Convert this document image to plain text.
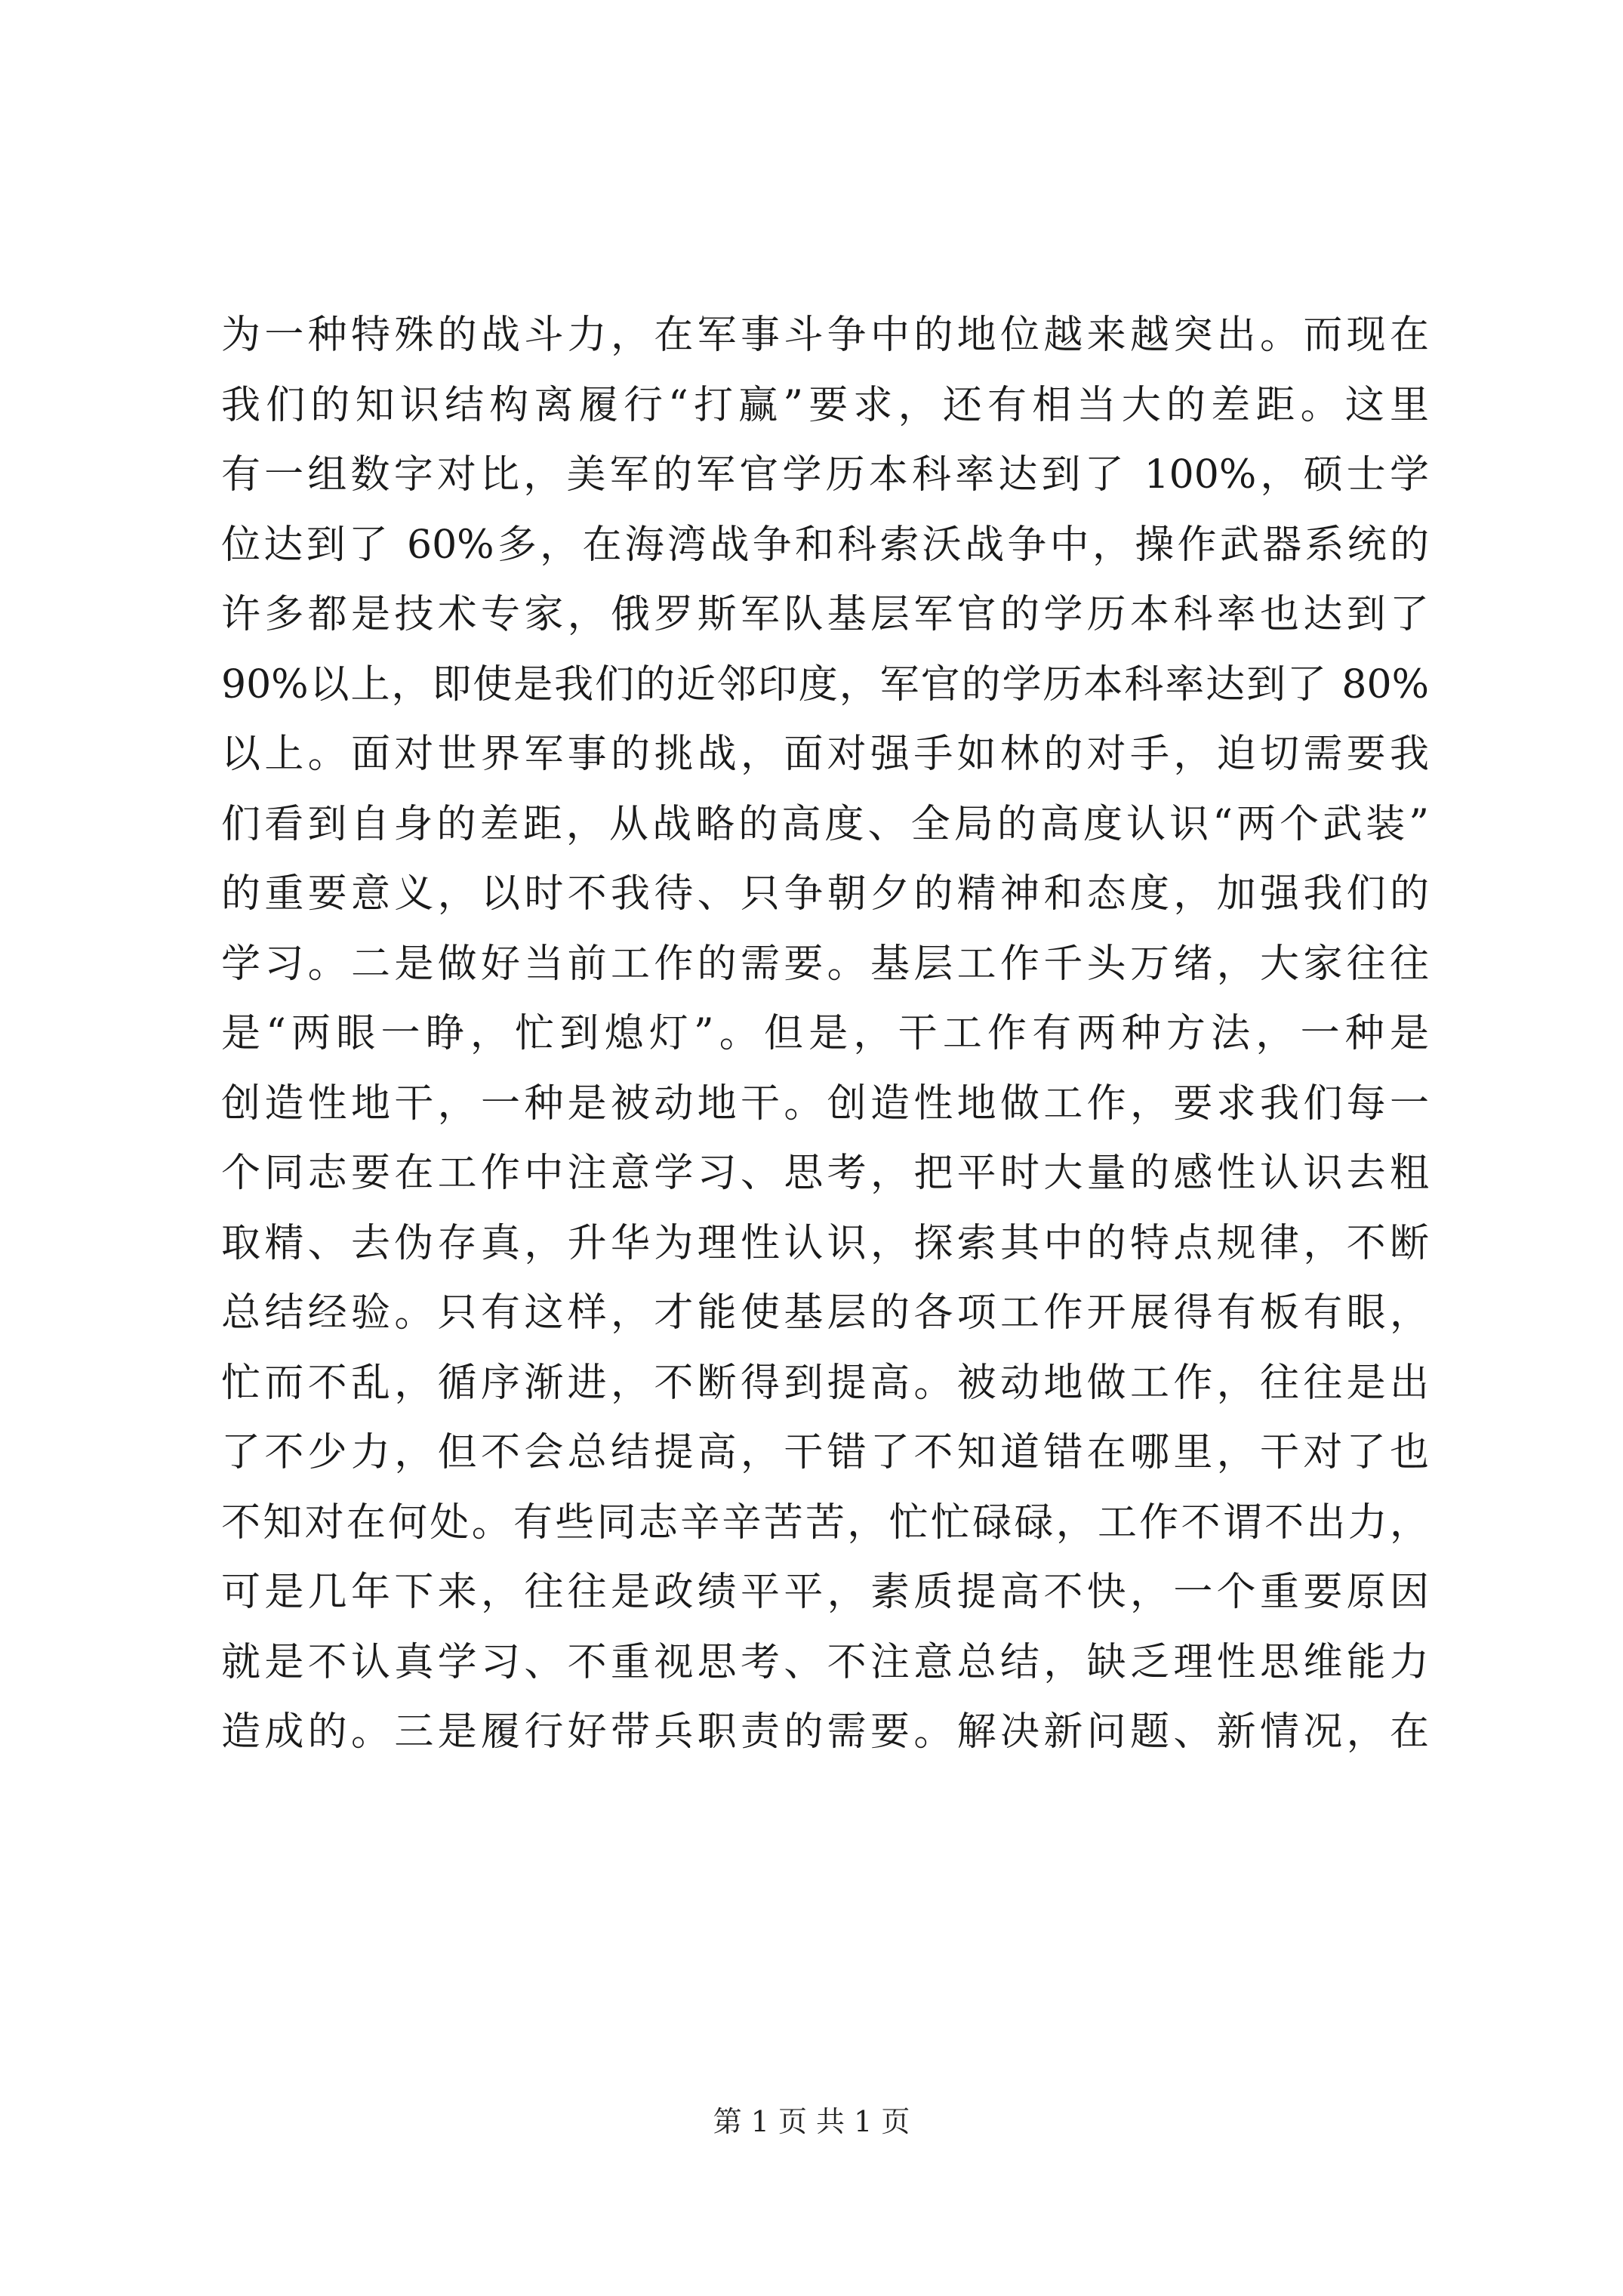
为一种特殊的战斗力，在军事斗争中的地位越来越突出。而现在
我们的知识结构离履行“打赢”要求，还有相当大的差距。这里
有一组数字对比，美军的军官学历本科率达到了 100%，硕士学
位达到了 60%多，在海湾战争和科索沃战争中，操作武器系统的
许多都是技术专家，俄罗斯军队基层军官的学历本科率也达到了
90%以上，即使是我们的近邻印度，军官的学历本科率达到了 80%
以上。面对世界军事的挑战，面对强手如林的对手，迫切需要我
们看到自身的差距，从战略的高度、全局的高度认识“两个武装”
的重要意义，以时不我待、只争朝夕的精神和态度，加强我们的
学习。二是做好当前工作的需要。基层工作千头万绪，大家往往
是“两眼一睁，忙到熄灯”。但是，干工作有两种方法，一种是
创造性地干，一种是被动地干。创造性地做工作，要求我们每一
个同志要在工作中注意学习、思考，把平时大量的感性认识去粗
取精、去伪存真，升华为理性认识，探索其中的特点规律，不断
总结经验。只有这样，才能使基层的各项工作开展得有板有眼，
忙而不乱，循序渐进，不断得到提高。被动地做工作，往往是出
了不少力，但不会总结提高，干错了不知道错在哪里，干对了也
不知对在何处。有些同志辛辛苦苦，忙忙碌碌，工作不谓不出力，
可是几年下来，往往是政绩平平，素质提高不快，一个重要原因
就是不认真学习、不重视思考、不注意总结，缺乏理性思维能力
造成的。三是履行好带兵职责的需要。解决新问题、新情况，在
第 1 页 共 1 页
